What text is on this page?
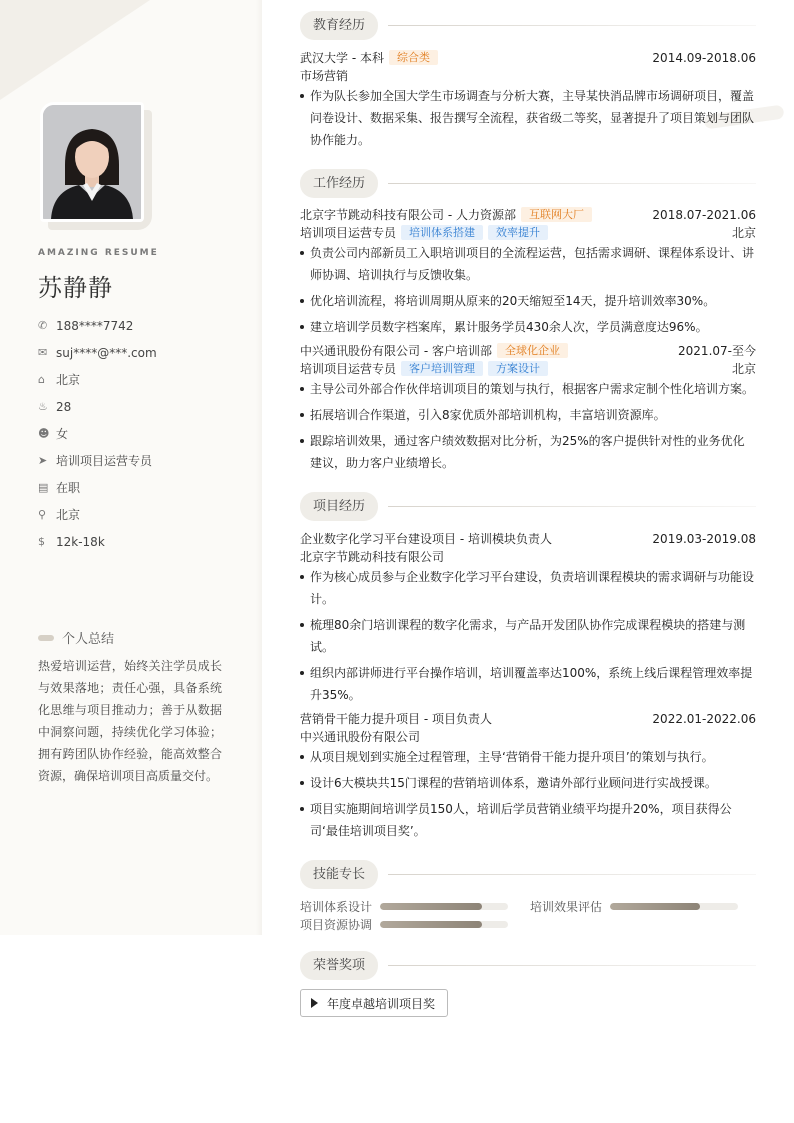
AMAZING RESUME
苏静静
✆ 188****7742
✉ suj****@***.com
⌂ 北京
♨ 28
☻ 女
➤ 培训项目运营专员
▤ 在职
⚲ 北京
$ 12k-18k
个人总结
热爱培训运营，始终关注学员成长与效果落地；责任心强，具备系统化思维与项目推动力；善于从数据中洞察问题，持续优化学习体验；拥有跨团队协作经验，能高效整合资源，确保培训项目高质量交付。
教育经历
武汉大学 - 本科	综合类	2014.09-2018.06
市场营销
作为队长参加全国大学生市场调查与分析大赛，主导某快消品牌市场调研项目，覆盖问卷设计、数据采集、报告撰写全流程，获省级二等奖，显著提升了项目策划与团队协作能力。
工作经历
北京字节跳动科技有限公司 - 人力资源部	互联网大厂	2018.07-2021.06
培训项目运营专员	培训体系搭建	效率提升	北京
负责公司内部新员工入职培训项目的全流程运营，包括需求调研、课程体系设计、讲师协调、培训执行与反馈收集。
优化培训流程，将培训周期从原来的20天缩短至14天，提升培训效率30%。
建立培训学员数字档案库，累计服务学员430余人次，学员满意度达96%。
中兴通讯股份有限公司 - 客户培训部	全球化企业	2021.07-至今
培训项目运营专员	客户培训管理	方案设计	北京
主导公司外部合作伙伴培训项目的策划与执行，根据客户需求定制个性化培训方案。
拓展培训合作渠道，引入8家优质外部培训机构，丰富培训资源库。
跟踪培训效果，通过客户绩效数据对比分析，为25%的客户提供针对性的业务优化建议，助力客户业绩增长。
项目经历
企业数字化学习平台建设项目 - 培训模块负责人	2019.03-2019.08
北京字节跳动科技有限公司
作为核心成员参与企业数字化学习平台建设，负责培训课程模块的需求调研与功能设计。
梳理80余门培训课程的数字化需求，与产品开发团队协作完成课程模块的搭建与测试。
组织内部讲师进行平台操作培训，培训覆盖率达100%，系统上线后课程管理效率提升35%。
营销骨干能力提升项目 - 项目负责人	2022.01-2022.06
中兴通讯股份有限公司
从项目规划到实施全过程管理，主导‘营销骨干能力提升项目’的策划与执行。
设计6大模块共15门课程的营销培训体系，邀请外部行业顾问进行实战授课。
项目实施期间培训学员150人，培训后学员营销业绩平均提升20%，项目获得公司‘最佳培训项目奖’。
技能专长
培训体系设计	培训效果评估
项目资源协调
荣誉奖项
年度卓越培训项目奖
